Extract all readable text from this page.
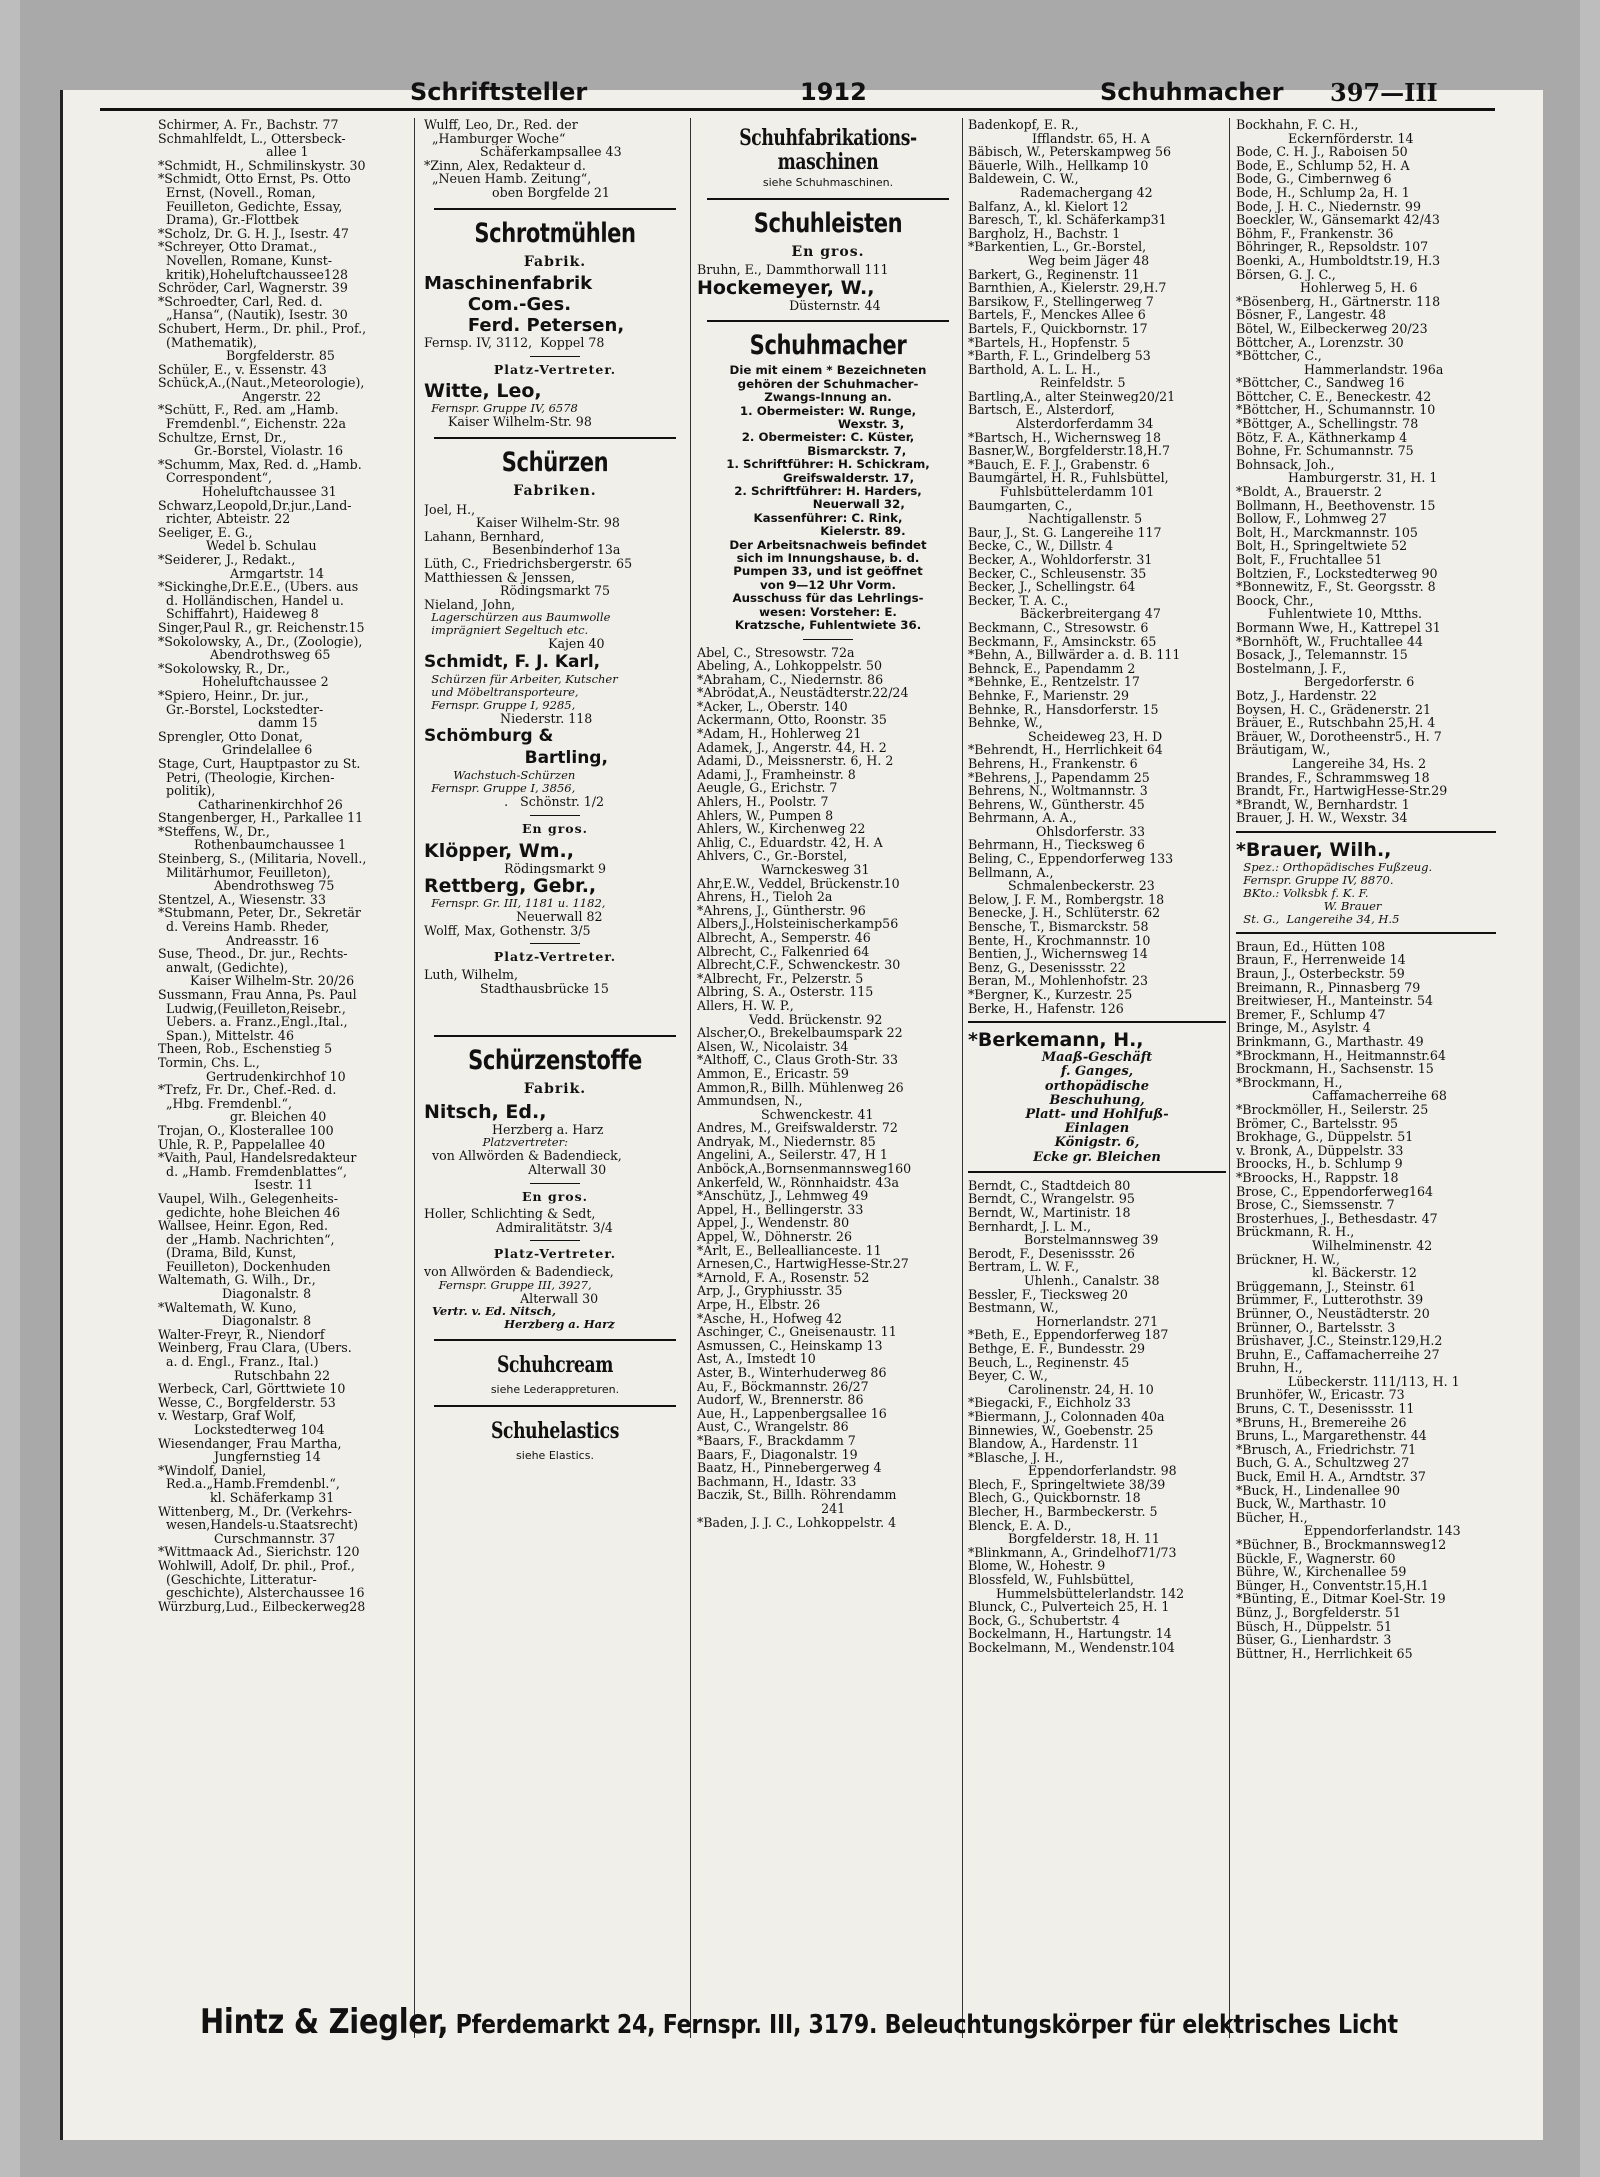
Schriftsteller	1912	Schuhmacher 397—III
Schirmer, A. Fr., Bachstr. 77
Schmahlfeldt, L., Ottersbeck-
allee 1
*Schmidt, H., Schmilinskystr. 30
*Schmidt, Otto Ernst, Ps. Otto
Ernst, (Novell., Roman,
Feuilleton, Gedichte, Essay,
Drama), Gr.-Flottbek
*Scholz, Dr. G. H. J., Isestr. 47
*Schreyer, Otto Dramat.,
Novellen, Romane, Kunst-
kritik),Hoheluftchaussee128
Schröder, Carl, Wagnerstr. 39
*Schroedter, Carl, Red. d.
„Hansa“, (Nautik), Isestr. 30
Schubert, Herm., Dr. phil., Prof.,
(Mathematik),
Borgfelderstr. 85
Schüler, E., v. Essenstr. 43
Schück,A.,(Naut.,Meteorologie),
Angerstr. 22
*Schütt, F., Red. am „Hamb.
Fremdenbl.“, Eichenstr. 22a
Schultze, Ernst, Dr.,
Gr.-Borstel, Violastr. 16
*Schumm, Max, Red. d. „Hamb.
Correspondent“,
Hoheluftchaussee 31
Schwarz,Leopold,Dr.jur.,Land-
richter, Abteistr. 22
Seeliger, E. G.,
Wedel b. Schulau
*Seiderer, J., Redakt.,
Armgartstr. 14
*Sickinghe,Dr.E.E., (Übers. aus
d. Holländischen, Handel u.
Schiffahrt), Haideweg 8
Singer,Paul R., gr. Reichenstr.15
*Sokolowsky, A., Dr., (Zoologie),
Abendrothsweg 65
*Sokolowsky, R., Dr.,
Hoheluftchaussee 2
*Spiero, Heinr., Dr. jur.,
Gr.-Borstel, Lockstedter-
damm 15
Sprengler, Otto Donat,
Grindelallee 6
Stage, Curt, Hauptpastor zu St.
Petri, (Theologie, Kirchen-
politik),
Catharinenkirchhof 26
Stangenberger, H., Parkallee 11
*Steffens, W., Dr.,
Rothenbaumchaussee 1
Steinberg, S., (Militaria, Novell.,
Militärhumor, Feuilleton),
Abendrothsweg 75
Stentzel, A., Wiesenstr. 33
*Stubmann, Peter, Dr., Sekretär
d. Vereins Hamb. Rheder,
Andreasstr. 16
Suse, Theod., Dr. jur., Rechts-
anwalt, (Gedichte),
Kaiser Wilhelm-Str. 20/26
Sussmann, Frau Anna, Ps. Paul
Ludwig,(Feuilleton,Reisebr.,
Uebers. a. Franz.,Engl.,Ital.,
Span.), Mittelstr. 46
Theen, Rob., Eschenstieg 5
Tormin, Chs. L.,
Gertrudenkirchhof 10
*Trefz, Fr. Dr., Chef.-Red. d.
„Hbg. Fremdenbl.“,
gr. Bleichen 40
Trojan, O., Klosterallee 100
Uhle, R. P., Pappelallee 40
*Vaith, Paul, Handelsredakteur
d. „Hamb. Fremdenblattes“,
Isestr. 11
Vaupel, Wilh., Gelegenheits-
gedichte, hohe Bleichen 46
Wallsee, Heinr. Egon, Red.
der „Hamb. Nachrichten“,
(Drama, Bild, Kunst,
Feuilleton), Dockenhuden
Waltemath, G. Wilh., Dr.,
Diagonalstr. 8
*Waltemath, W. Kuno,
Diagonalstr. 8
Walter-Freyr, R., Niendorf
Weinberg, Frau Clara, (Übers.
a. d. Engl., Franz., Ital.)
Rutschbahn 22
Werbeck, Carl, Görttwiete 10
Wesse, C., Borgfelderstr. 53
v. Westarp, Graf Wolf,
Lockstedterweg 104
Wiesendanger, Frau Martha,
Jungfernstieg 14
*Windolf, Daniel,
Red.a.„Hamb.Fremdenbl.“,
kl. Schäferkamp 31
Wittenberg, M., Dr. (Verkehrs-
wesen,Handels-u.Staatsrecht)
Curschmannstr. 37
*Wittmaack Ad., Sierichstr. 120
Wohlwill, Adolf, Dr. phil., Prof.,
(Geschichte, Litteratur-
geschichte), Alsterchaussee 16
Würzburg,Lud., Eilbeckerweg28
Wulff, Leo, Dr., Red. der
„Hamburger Woche“
Schäferkampsallee 43
*Zinn, Alex, Redakteur d.
„Neuen Hamb. Zeitung“,
oben Borgfelde 21
Schrotmühlen
Fabrik.
Maschinenfabrik
Com.-Ges.
Ferd. Petersen,
Fernsp. IV, 3112,  Koppel 78
Platz-Vertreter.
Witte, Leo,
Fernspr. Gruppe IV, 6578
Kaiser Wilhelm-Str. 98
Schürzen
Fabriken.
Joel, H.,
Kaiser Wilhelm-Str. 98
Lahann, Bernhard,
Besenbinderhof 13a
Lüth, C., Friedrichsbergerstr. 65
Matthiessen & Jenssen,
Rödingsmarkt 75
Nieland, John,
Lagerschürzen aus Baumwolle
imprägniert Segeltuch etc.
Kajen 40
Schmidt, F. J. Karl,
Schürzen für Arbeiter, Kutscher
und Möbeltransporteure,
Fernspr. Gruppe I, 9285,
Niederstr. 118
Schömburg &
Bartling,
Wachstuch-Schürzen
Fernspr. Gruppe I, 3856,
.   Schönstr. 1/2
En gros.
Klöpper, Wm.,
Rödingsmarkt 9
Rettberg, Gebr.,
Fernspr. Gr. III, 1181 u. 1182,
Neuerwall 82
Wolff, Max, Gothenstr. 3/5
Platz-Vertreter.
Luth, Wilhelm,
Stadthausbrücke 15
Schürzenstoffe
Fabrik.
Nitsch, Ed.,
Herzberg a. Harz
Platzvertreter:
von Allwörden & Badendieck,
Alterwall 30
En gros.
Holler, Schlichting & Sedt,
Admiralitätstr. 3/4
Platz-Vertreter.
von Allwörden & Badendieck,
Fernspr. Gruppe III, 3927,
Alterwall 30
Vertr. v. Ed. Nitsch,
Herzberg a. Harz
Schuhcream
siehe Lederappreturen.
Schuhelastics
siehe Elastics.
Schuhfabrikations-
maschinen
siehe Schuhmaschinen.
Schuhleisten
En gros.
Bruhn, E., Dammthorwall 111
Hockemeyer, W.,
Düsternstr. 44
Schuhmacher
Die mit einem * Bezeichneten
gehören der Schuhmacher-
Zwangs-Innung an.
1. Obermeister: W. Runge,
Wexstr. 3,
2. Obermeister: C. Küster,
Bismarckstr. 7,
1. Schriftführer: H. Schickram,
Greifswalderstr. 17,
2. Schriftführer: H. Harders,
Neuerwall 32,
Kassenführer: C. Rink,
Kielerstr. 89.
Der Arbeitsnachweis befindet
sich im Innungshause, b. d.
Pumpen 33, und ist geöffnet
von 9—12 Uhr Vorm.
Ausschuss für das Lehrlings-
wesen: Vorsteher: E.
Kratzsche, Fuhlentwiete 36.
Abel, C., Stresowstr. 72a
Abeling, A., Lohkoppelstr. 50
*Abraham, C., Niedernstr. 86
*Abrödat,A., Neustädterstr.22/24
*Acker, L., Oberstr. 140
Ackermann, Otto, Roonstr. 35
*Adam, H., Hohlerweg 21
Adamek, J., Angerstr. 44, H. 2
Adami, D., Meissnerstr. 6, H. 2
Adami, J., Framheinstr. 8
Aeugle, G., Erichstr. 7
Ahlers, H., Poolstr. 7
Ahlers, W., Pumpen 8
Ahlers, W., Kirchenweg 22
Ahlig, C., Eduardstr. 42, H. A
Ahlvers, C., Gr.-Borstel,
Warnckesweg 31
Ahr,E.W., Veddel, Brückenstr.10
Ahrens, H., Tieloh 2a
*Ahrens, J., Güntherstr. 96
Albers,J.,Holsteinischerkamp56
Albrecht, A., Semperstr. 46
Albrecht, C., Falkenried 64
Albrecht,C.F., Schwenckestr. 30
*Albrecht, Fr., Pelzerstr. 5
Albring, S. A., Osterstr. 115
Allers, H. W. P.,
Vedd. Brückenstr. 92
Alscher,O., Brekelbaumspark 22
Alsen, W., Nicolaistr. 34
*Althoff, C., Claus Groth-Str. 33
Ammon, E., Ericastr. 59
Ammon,R., Billh. Mühlenweg 26
Ammundsen, N.,
Schwenckestr. 41
Andres, M., Greifswalderstr. 72
Andryak, M., Niedernstr. 85
Angelini, A., Seilerstr. 47, H 1
Anböck,A.,Bornsenmannsweg160
Ankerfeld, W., Rönnhaidstr. 43a
*Anschütz, J., Lehmweg 49
Appel, H., Bellingerstr. 33
Appel, J., Wendenstr. 80
Appel, W., Döhnerstr. 26
*Arlt, E., Belleallianceste. 11
Arnesen,C., HartwigHesse-Str.27
*Arnold, F. A., Rosenstr. 52
Arp, J., Gryphiusstr. 35
Arpe, H., Elbstr. 26
*Asche, H., Hofweg 42
Aschinger, C., Gneisenaustr. 11
Asmussen, C., Heinskamp 13
Ast, A., Imstedt 10
Aster, B., Winterhuderweg 86
Au, F., Böckmannstr. 26/27
Audorf, W., Brennerstr. 86
Aue, H., Lappenbergsallee 16
Aust, C., Wrangelstr. 86
*Baars, F., Brackdamm 7
Baars, F., Diagonalstr. 19
Baatz, H., Pinnebergerweg 4
Bachmann, H., Idastr. 33
Baczik, St., Billh. Röhrendamm
241
*Baden, J. J. C., Lohkoppelstr. 4
Badenkopf, E. R.,
Ifflandstr. 65, H. A
Bäbisch, W., Peterskampweg 56
Bäuerle, Wilh., Hellkamp 10
Baldewein, C. W.,
Rademachergang 42
Balfanz, A., kl. Kielort 12
Baresch, T., kl. Schäferkamp31
Bargholz, H., Bachstr. 1
*Barkentien, L., Gr.-Borstel,
Weg beim Jäger 48
Barkert, G., Reginenstr. 11
Barnthien, A., Kielerstr. 29,H.7
Barsikow, F., Stellingerweg 7
Bartels, F., Menckes Allee 6
Bartels, F., Quickbornstr. 17
*Bartels, H., Hopfenstr. 5
*Barth, F. L., Grindelberg 53
Barthold, A. L. L. H.,
Reinfeldstr. 5
Bartling,A., alter Steinweg20/21
Bartsch, E., Alsterdorf,
Alsterdorferdamm 34
*Bartsch, H., Wichernsweg 18
Basner,W., Borgfelderstr.18,H.7
*Bauch, E. F. J., Grabenstr. 6
Baumgärtel, H. R., Fuhlsbüttel,
Fuhlsbüttelerdamm 101
Baumgarten, C.,
Nachtigallenstr. 5
Baur, J., St. G. Langereihe 117
Becke, C., W., Dillstr. 4
Becker, A., Wohldorferstr. 31
Becker, C., Schleusenstr. 35
Becker, J., Schellingstr. 64
Becker, T. A. C.,
Bäckerbreitergang 47
Beckmann, C., Stresowstr. 6
Beckmann, F., Amsinckstr. 65
*Behn, A., Billwärder a. d. B. 111
Behnck, E., Papendamm 2
*Behnke, E., Rentzelstr. 17
Behnke, F., Marienstr. 29
Behnke, R., Hansdorferstr. 15
Behnke, W.,
Scheideweg 23, H. D
*Behrendt, H., Herrlichkeit 64
Behrens, H., Frankenstr. 6
*Behrens, J., Papendamm 25
Behrens, N., Woltmannstr. 3
Behrens, W., Güntherstr. 45
Behrmann, A. A.,
Ohlsdorferstr. 33
Behrmann, H., Tiecksweg 6
Beling, C., Eppendorferweg 133
Bellmann, A.,
Schmalenbeckerstr. 23
Below, J. F. M., Rombergstr. 18
Benecke, J. H., Schlüterstr. 62
Bensche, T., Bismarckstr. 58
Bente, H., Krochmannstr. 10
Bentien, J., Wichernsweg 14
Benz, G., Desenissstr. 22
Beran, M., Mohlenhofstr. 23
*Bergner, K., Kurzestr. 25
Berke, H., Hafenstr. 126
*Berkemann, H.,
Maaß-Geschäft
f. Ganges,
orthopädische
Beschuhung,
Platt- und Hohlfuß-
Einlagen
Königstr. 6,
Ecke gr. Bleichen
Berndt, C., Stadtdeich 80
Berndt, C., Wrangelstr. 95
Berndt, W., Martinistr. 18
Bernhardt, J. L. M.,
Borstelmannsweg 39
Berodt, F., Desenissstr. 26
Bertram, L. W. F.,
Uhlenh., Canalstr. 38
Bessler, F., Tiecksweg 20
Bestmann, W.,
Hornerlandstr. 271
*Beth, E., Eppendorferweg 187
Bethge, E. F., Bundesstr. 29
Beuch, L., Reginenstr. 45
Beyer, C. W.,
Carolinenstr. 24, H. 10
*Biegacki, F., Eichholz 33
*Biermann, J., Colonnaden 40a
Binnewies, W., Goebenstr. 25
Blandow, A., Hardenstr. 11
*Blasche, J. H.,
Eppendorferlandstr. 98
Blech, F., Springeltwiete 38/39
Blech, G., Quickbornstr. 18
Blecher, H., Barmbeckerstr. 5
Blenck, E. A. D.,
Borgfelderstr. 18, H. 11
*Blinkmann, A., Grindelhof71/73
Blome, W., Hohestr. 9
Blossfeld, W., Fuhlsbüttel,
Hummelsbüttelerlandstr. 142
Blunck, C., Pulverteich 25, H. 1
Bock, G., Schubertstr. 4
Bockelmann, H., Hartungstr. 14
Bockelmann, M., Wendenstr.104
Bockhahn, F. C. H.,
Eckernförderstr. 14
Bode, C. H. J., Raboisen 50
Bode, E., Schlump 52, H. A
Bode, G., Cimbernweg 6
Bode, H., Schlump 2a, H. 1
Bode, J. H. C., Niedernstr. 99
Boeckler, W., Gänsemarkt 42/43
Böhm, F., Frankenstr. 36
Böhringer, R., Repsoldstr. 107
Boenki, A., Humboldtstr.19, H.3
Börsen, G. J. C.,
Hohlerweg 5, H. 6
*Bösenberg, H., Gärtnerstr. 118
Bösner, F., Langestr. 48
Bötel, W., Eilbeckerweg 20/23
Böttcher, A., Lorenzstr. 30
*Böttcher, C.,
Hammerlandstr. 196a
*Böttcher, C., Sandweg 16
Böttcher, C. E., Beneckestr. 42
*Böttcher, H., Schumannstr. 10
*Böttger, A., Schellingstr. 78
Bötz, F. A., Käthnerkamp 4
Bohne, Fr. Schumannstr. 75
Bohnsack, Joh.,
Hamburgerstr. 31, H. 1
*Boldt, A., Brauerstr. 2
Bollmann, H., Beethovenstr. 15
Bollow, F., Lohmweg 27
Bolt, H., Marckmannstr. 105
Bolt, H., Springeltwiete 52
Bolt, F., Fruchtallee 51
Boltzien, F., Lockstedterweg 90
*Bonnewitz, F., St. Georgsstr. 8
Boock, Chr.,
Fuhlentwiete 10, Mtths.
Bormann Wwe, H., Kattrepel 31
*Bornhöft, W., Fruchtallee 44
Bosack, J., Telemannstr. 15
Bostelmann, J. F.,
Bergedorferstr. 6
Botz, J., Hardenstr. 22
Boysen, H. C., Grädenerstr. 21
Bräuer, E., Rutschbahn 25,H. 4
Bräuer, W., Dorotheenstr5., H. 7
Bräutigam, W.,
Langereihe 34, Hs. 2
Brandes, F., Schrammsweg 18
Brandt, Fr., HartwigHesse-Str.29
*Brandt, W., Bernhardstr. 1
Brauer, J. H. W., Wexstr. 34
*Brauer, Wilh.,
Spez.: Orthopädisches Fußzeug.
Fernspr. Gruppe IV, 8870.
BKto.: Volksbk f. K. F.
W. Brauer
St. G.,  Langereihe 34, H.5
Braun, Ed., Hütten 108
Braun, F., Herrenweide 14
Braun, J., Osterbeckstr. 59
Breimann, R., Pinnasberg 79
Breitwieser, H., Manteinstr. 54
Bremer, F., Schlump 47
Bringe, M., Asylstr. 4
Brinkmann, G., Marthastr. 49
*Brockmann, H., Heitmannstr.64
Brockmann, H., Sachsenstr. 15
*Brockmann, H.,
Caffamacherreihe 68
*Brockmöller, H., Seilerstr. 25
Brömer, C., Bartelsstr. 95
Brokhage, G., Düppelstr. 51
v. Bronk, A., Düppelstr. 33
Broocks, H., b. Schlump 9
*Broocks, H., Rappstr. 18
Brose, C., Eppendorferweg164
Brose, C., Siemssenstr. 7
Brosterhues, J., Bethesdastr. 47
Brückmann, R. H.,
Wilhelminenstr. 42
Brückner, H. W.,
kl. Bäckerstr. 12
Brüggemann, J., Steinstr. 61
Brümmer, F., Lutterothstr. 39
Brünner, O., Neustädterstr. 20
Brünner, O., Bartelsstr. 3
Brüshaver, J.C., Steinstr.129,H.2
Bruhn, E., Caffamacherreihe 27
Bruhn, H.,
Lübeckerstr. 111/113, H. 1
Brunhöfer, W., Ericastr. 73
Bruns, C. T., Desenissstr. 11
*Bruns, H., Bremereihe 26
Bruns, L., Margarethenstr. 44
*Brusch, A., Friedrichstr. 71
Buch, G. A., Schultzweg 27
Buck, Emil H. A., Arndtstr. 37
*Buck, H., Lindenallee 90
Buck, W., Marthastr. 10
Bücher, H.,
Eppendorferlandstr. 143
*Büchner, B., Brockmannsweg12
Bückle, F., Wagnerstr. 60
Bühre, W., Kirchenallee 59
Bünger, H., Conventstr.15,H.1
*Bünting, E., Ditmar Koel-Str. 19
Bünz, J., Borgfelderstr. 51
Büsch, H., Düppelstr. 51
Büser, G., Lienhardstr. 3
Büttner, H., Herrlichkeit 65
Hintz & Ziegler, Pferdemarkt 24, Fernspr. III, 3179. Beleuchtungskörper für elektrisches Licht
